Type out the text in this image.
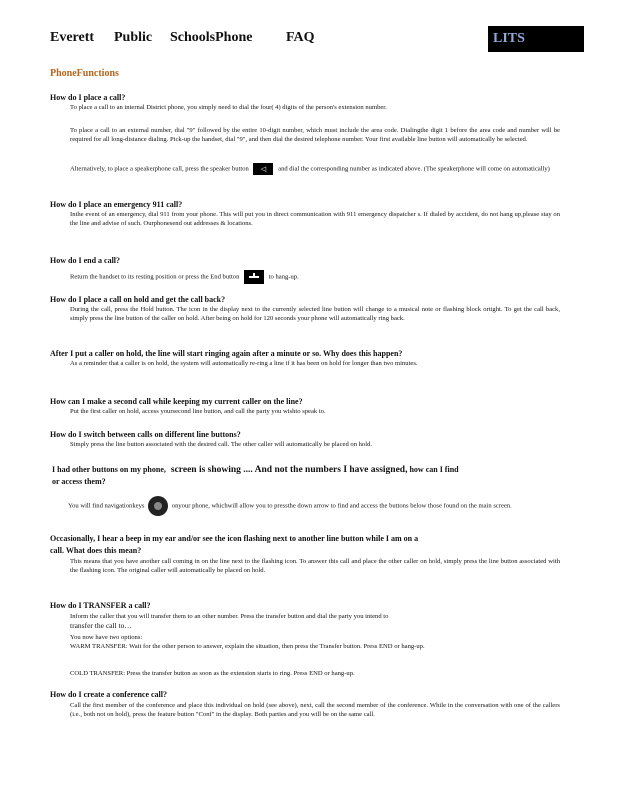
Everett Public SchoolsPhone FAQ	LITS
PhoneFunctions
How do I place a call?
To place a call to an internal District phone, you simply need to dial the four( 4) digits of the person's extension number.
To place a call to an external number, dial "9" followed by the entire 10-digit number, which must include the area code. Dialingthe digit 1 before the area code and number will be required for all long-distance dialing. Pick-up the handset, dial "9", and then dial the desired telephone number. Your first available line button will automatically be selected.
Alternatively, to place a speakerphone call, press the speaker button ◁ and dial the corresponding number as indicated above. (The speakerphone will come on automatically)
How do I place an emergency 911 call?
Inthe event of an emergency, dial 911 from your phone. This will put you in direct communication with 911 emergency dispatcher s. If dialed by accident, do not hang up,please stay on the line and advise of such. Ourphonesend out addresses & locations.
How do I end a call?
Return the handset to its resting position or press the End button	to hang-up.
How do I place a call on hold and get the call back?
During the call, press the Hold button. The icon in the display next to the currently selected line button will change to a musical note or flashing block ortight. To get the call back, simply press the line button of the caller on hold. After being on hold for 120 seconds your phone will automatically ring back.
After I put a caller on hold, the line will start ringing again after a minute or so. Why does this happen?
As a reminder that a caller is on hold, the system will automatically re-ring a line if it has been on hold for longer than two minutes.
How can I make a second call while keeping my current caller on the line?
Put the first caller on hold, access yoursecond line button, and call the party you wishto speak to.
How do I switch between calls on different line buttons?
Simply press the line button associated with the desired call. The other caller will automatically be placed on hold.
I had other buttons on my phone, screen is showing .... And not the numbers I have assigned, how can I find
or access them?
You will find navigationkeys	onyour phone, whichwill allow you to pressthe down arrow to find and access the buttons below those found on the main screen.
Occasionally, I hear a beep in my ear and/or see the icon flashing next to another line button while I am on a
call. What does this mean?
This means that you have another call coming in on the line next to the flashing icon. To answer this call and place the other caller on hold, simply press the line button associated with the flashing icon. The original caller will automatically be placed on hold.
How do I TRANSFER a call?
Inform the caller that you will transfer them to an other number. Press the transfer button and dial the party you intend to
transfer the call to…
You now have two options:
WARM TRANSFER: Wait for the other person to answer, explain the situation, then press the Transfer button. Press END or hang-up.
COLD TRANSFER: Press the transfer button as soon as the extension starts to ring. Press END or hang-up.
How do I create a conference call?
Call the first member of the conference and place this individual on hold (see above), next, call the second member of the conference. While in the conversation with one of the callers (i.e., both not on hold), press the feature button "Conf" in the display. Both parties and you will be on the same call.
